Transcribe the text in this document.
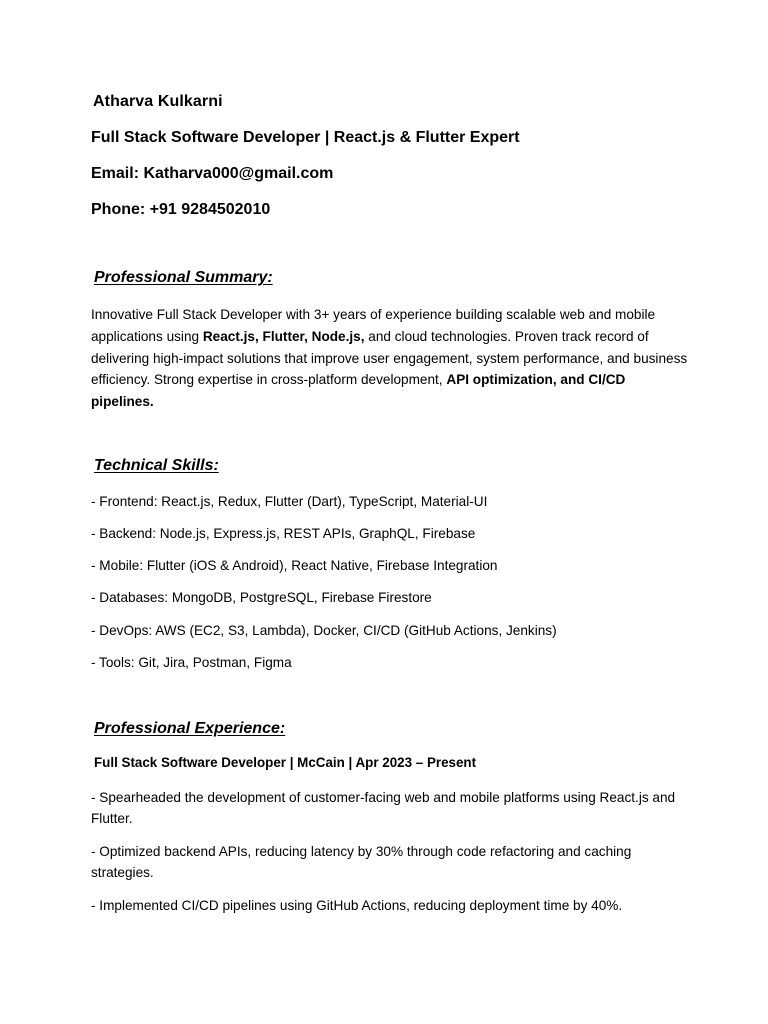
Atharva Kulkarni
Full Stack Software Developer | React.js & Flutter Expert
Email: Katharva000@gmail.com
Phone: +91 9284502010
Professional Summary:
Innovative Full Stack Developer with 3+ years of experience building scalable web and mobile applications using React.js, Flutter, Node.js, and cloud technologies. Proven track record of delivering high-impact solutions that improve user engagement, system performance, and business efficiency. Strong expertise in cross-platform development, API optimization, and CI/CD pipelines.
Technical Skills:
- Frontend: React.js, Redux, Flutter (Dart), TypeScript, Material-UI
- Backend: Node.js, Express.js, REST APIs, GraphQL, Firebase
- Mobile: Flutter (iOS & Android), React Native, Firebase Integration
- Databases: MongoDB, PostgreSQL, Firebase Firestore
- DevOps: AWS (EC2, S3, Lambda), Docker, CI/CD (GitHub Actions, Jenkins)
- Tools: Git, Jira, Postman, Figma
Professional Experience:
Full Stack Software Developer | McCain | Apr 2023 – Present
- Spearheaded the development of customer-facing web and mobile platforms using React.js and Flutter.
- Optimized backend APIs, reducing latency by 30% through code refactoring and caching strategies.
- Implemented CI/CD pipelines using GitHub Actions, reducing deployment time by 40%.
